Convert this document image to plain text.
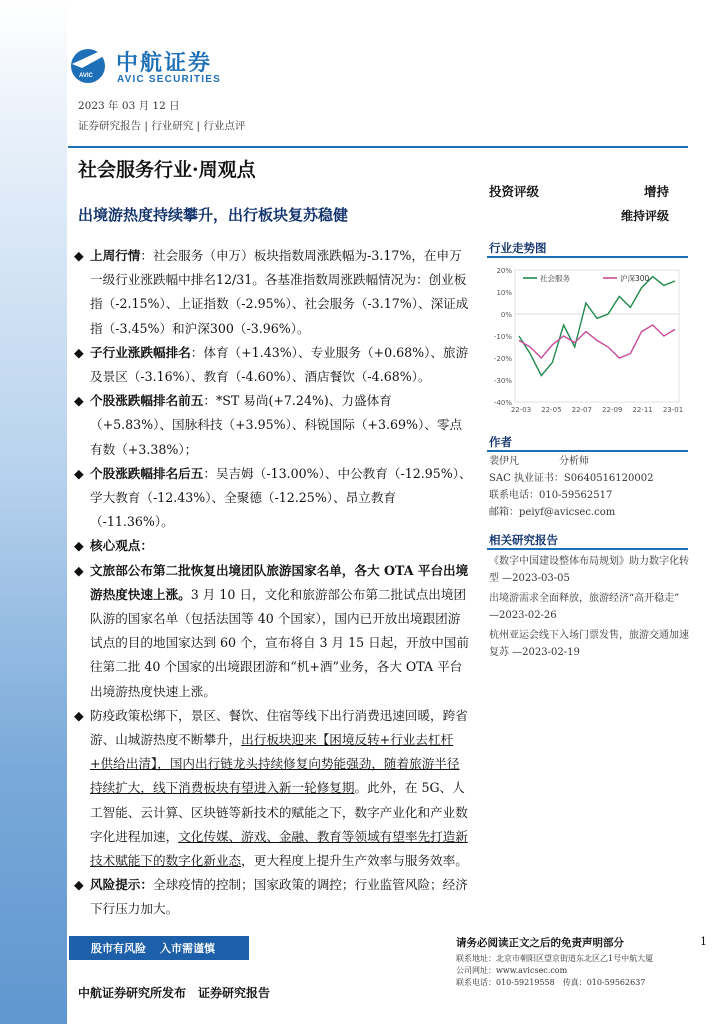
AVIC 中航证券
AVIC SECURITIES
2023 年 03 月 12 日
证券研究报告 | 行业研究 | 行业点评
社会服务行业·周观点
出境游热度持续攀升，出行板块复苏稳健
投资评级	增持
维持评级
◆ 上周行情：社会服务（申万）板块指数周涨跌幅为-3.17%，在申万一级行业涨跌幅中排名12/31。各基准指数周涨跌幅情况为：创业板指（-2.15%）、上证指数（-2.95%）、社会服务（-3.17%）、深证成指（-3.45%）和沪深300（-3.96%）。
◆ 子行业涨跌幅排名：体育（+1.43%）、专业服务（+0.68%）、旅游及景区（-3.16%）、教育（-4.60%）、酒店餐饮（-4.68%）。
◆ 个股涨跌幅排名前五：*ST 易尚(+7.24%)、力盛体育（+5.83%）、国脉科技（+3.95%）、科锐国际（+3.69%）、零点有数（+3.38%）；
◆ 个股涨跌幅排名后五：吴吉姆（-13.00%）、中公教育（-12.95%）、学大教育（-12.43%）、全聚德（-12.25%）、昂立教育（-11.36%）。
◆ 核心观点：
◆ 文旅部公布第二批恢复出境团队旅游国家名单，各大 OTA 平台出境游热度快速上涨。3 月 10 日，文化和旅游部公布第二批试点出境团队游的国家名单（包括法国等 40 个国家），国内已开放出境跟团游试点的目的地国家达到 60 个，宣布将自 3 月 15 日起，开放中国前往第二批 40 个国家的出境跟团游和“机+酒”业务，各大 OTA 平台出境游热度快速上涨。
◆ 防疫政策松绑下，景区、餐饮、住宿等线下出行消费迅速回暖，跨省游、山城游热度不断攀升，出行板块迎来【困境反转+行业去杠杆+供给出清】，国内出行链龙头持续修复向势能强劲，随着旅游半径持续扩大，线下消费板块有望进入新一轮修复期。此外，在 5G、人工智能、云计算、区块链等新技术的赋能之下，数字产业化和产业数字化进程加速，文化传媒、游戏、金融、教育等领域有望率先打造新技术赋能下的数字化新业态，更大程度上提升生产效率与服务效率。
◆ 风险提示：全球疫情的控制；国家政策的调控；行业监管风险；经济下行压力加大。
行业走势图
20%
10%
0%
-10%
-20%
-30%
-40%
22-03 22-05 22-07 22-09 22-11 23-01
社会服务	沪深300
作者
裴伊凡　　　　分析师
SAC 执业证书：S0640516120002
联系电话：010-59562517
邮箱：peiyf@avicsec.com
相关研究报告
《数字中国建设整体布局规划》助力数字化转型 —2023-03-05
出境游需求全面释放，旅游经济“高开稳走” —2023-02-26
杭州亚运会线下入场门票发售，旅游交通加速复苏 —2023-02-19
股市有风险 入市需谨慎	请务必阅读正文之后的免责声明部分	1
联系地址：北京市朝阳区望京街道东北区乙1号中航大厦
公司网址：www.avicsec.com
联系电话：010-59219558　传真：010-59562637
中航证券研究所发布　证券研究报告
